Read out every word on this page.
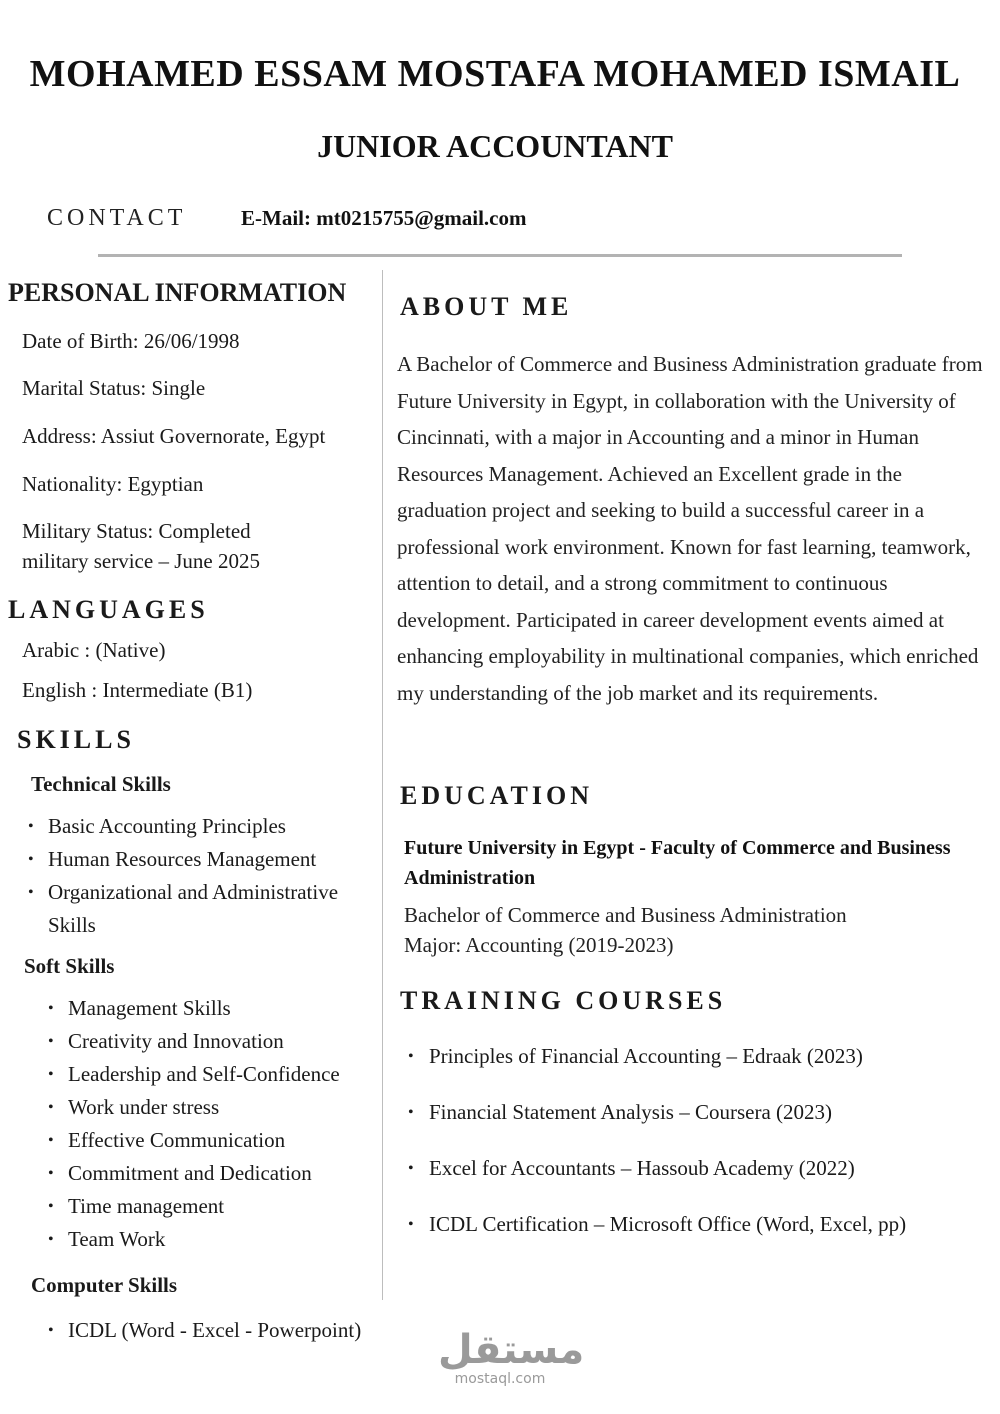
MOHAMED ESSAM MOSTAFA MOHAMED ISMAIL
JUNIOR ACCOUNTANT
CONTACT	E-Mail: mt0215755@gmail.com
PERSONAL INFORMATION
Date of Birth: 26/06/1998
Marital Status: Single
Address: Assiut Governorate, Egypt
Nationality: Egyptian
Military Status: Completed military service – June 2025
LANGUAGES
Arabic : (Native)
English : Intermediate (B1)
SKILLS
Technical Skills
• Basic Accounting Principles
• Human Resources Management
• Organizational and Administrative Skills
Soft Skills
• Management Skills
• Creativity and Innovation
• Leadership and Self-Confidence
• Work under stress
• Effective Communication
• Commitment and Dedication
• Time management
• Team Work
Computer Skills
• ICDL (Word - Excel - Powerpoint)
ABOUT ME
A Bachelor of Commerce and Business Administration graduate from Future University in Egypt, in collaboration with the University of Cincinnati, with a major in Accounting and a minor in Human Resources Management. Achieved an Excellent grade in the graduation project and seeking to build a successful career in a professional work environment. Known for fast learning, teamwork, attention to detail, and a strong commitment to continuous development. Participated in career development events aimed at enhancing employability in multinational companies, which enriched my understanding of the job market and its requirements.
EDUCATION
Future University in Egypt - Faculty of Commerce and Business Administration
Bachelor of Commerce and Business Administration
Major: Accounting (2019-2023)
TRAINING COURSES
• Principles of Financial Accounting – Edraak (2023)
• Financial Statement Analysis – Coursera (2023)
• Excel for Accountants – Hassoub Academy (2022)
• ICDL Certification – Microsoft Office (Word, Excel, pp)
مستقل
mostaql.com
